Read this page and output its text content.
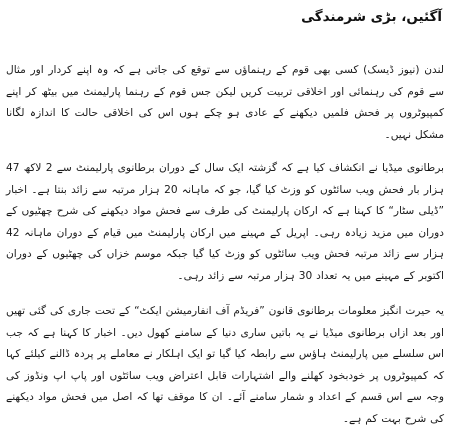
آگئیں، بڑی شرمندگی

لندن (نیوز ڈیسک) کسی بھی قوم کے رہنماؤں سے توقع کی جاتی ہے کہ وہ اپنے کردار اور مثال سے قوم کی رہنمائی اور اخلاقی تربیت کریں لیکن جس قوم کے رہنما پارلیمنٹ میں بیٹھ کر اپنے کمپیوٹروں پر فحش فلمیں دیکھنے کے عادی ہو چکے ہوں اس کی اخلاقی حالت کا اندازہ لگانا مشکل نہیں۔

برطانوی میڈیا نے انکشاف کیا ہے کہ گزشتہ ایک سال کے دوران برطانوی پارلیمنٹ سے 2 لاکھ 47 ہزار بار فحش ویب سائٹوں کو وزٹ کیا گیا، جو کہ ماہانہ 20 ہزار مرتبہ سے زائد بنتا ہے۔ اخبار ”ڈیلی سٹار“ کا کہنا ہے کہ ارکان پارلیمنٹ کی طرف سے فحش مواد دیکھنے کی شرح چھٹیوں کے دوران میں مزید زیادہ رہی۔ اپریل کے مہینے میں ارکان پارلیمنٹ میں قیام کے دوران ماہانہ 42 ہزار سے زائد مرتبہ فحش ویب سائٹوں کو وزٹ کیا گیا جبکہ موسم خزاں کی چھٹیوں کے دوران اکتوبر کے مہینے میں یہ تعداد 30 ہزار مرتبہ سے زائد رہی۔

یہ حیرت انگیز معلومات برطانوی قانون ”فریڈم آف انفارمیشن ایکٹ“ کے تحت جاری کی گئی تھیں اور بعد ازاں برطانوی میڈیا نے یہ باتیں ساری دنیا کے سامنے کھول دیں۔ اخبار کا کہنا ہے کہ جب اس سلسلے میں پارلیمنٹ ہاؤس سے رابطہ کیا گیا تو ایک اہلکار نے معاملے پر پردہ ڈالنے کیلئے کہا کہ کمپیوٹروں پر خودبخود کھلنے والے اشتہارات قابل اعتراض ویب سائٹوں اور پاپ اپ ونڈوز کی وجہ سے اس قسم کے اعداد و شمار سامنے آئے۔ ان کا موقف تھا کہ اصل میں فحش مواد دیکھنے کی شرح بہت کم ہے۔
